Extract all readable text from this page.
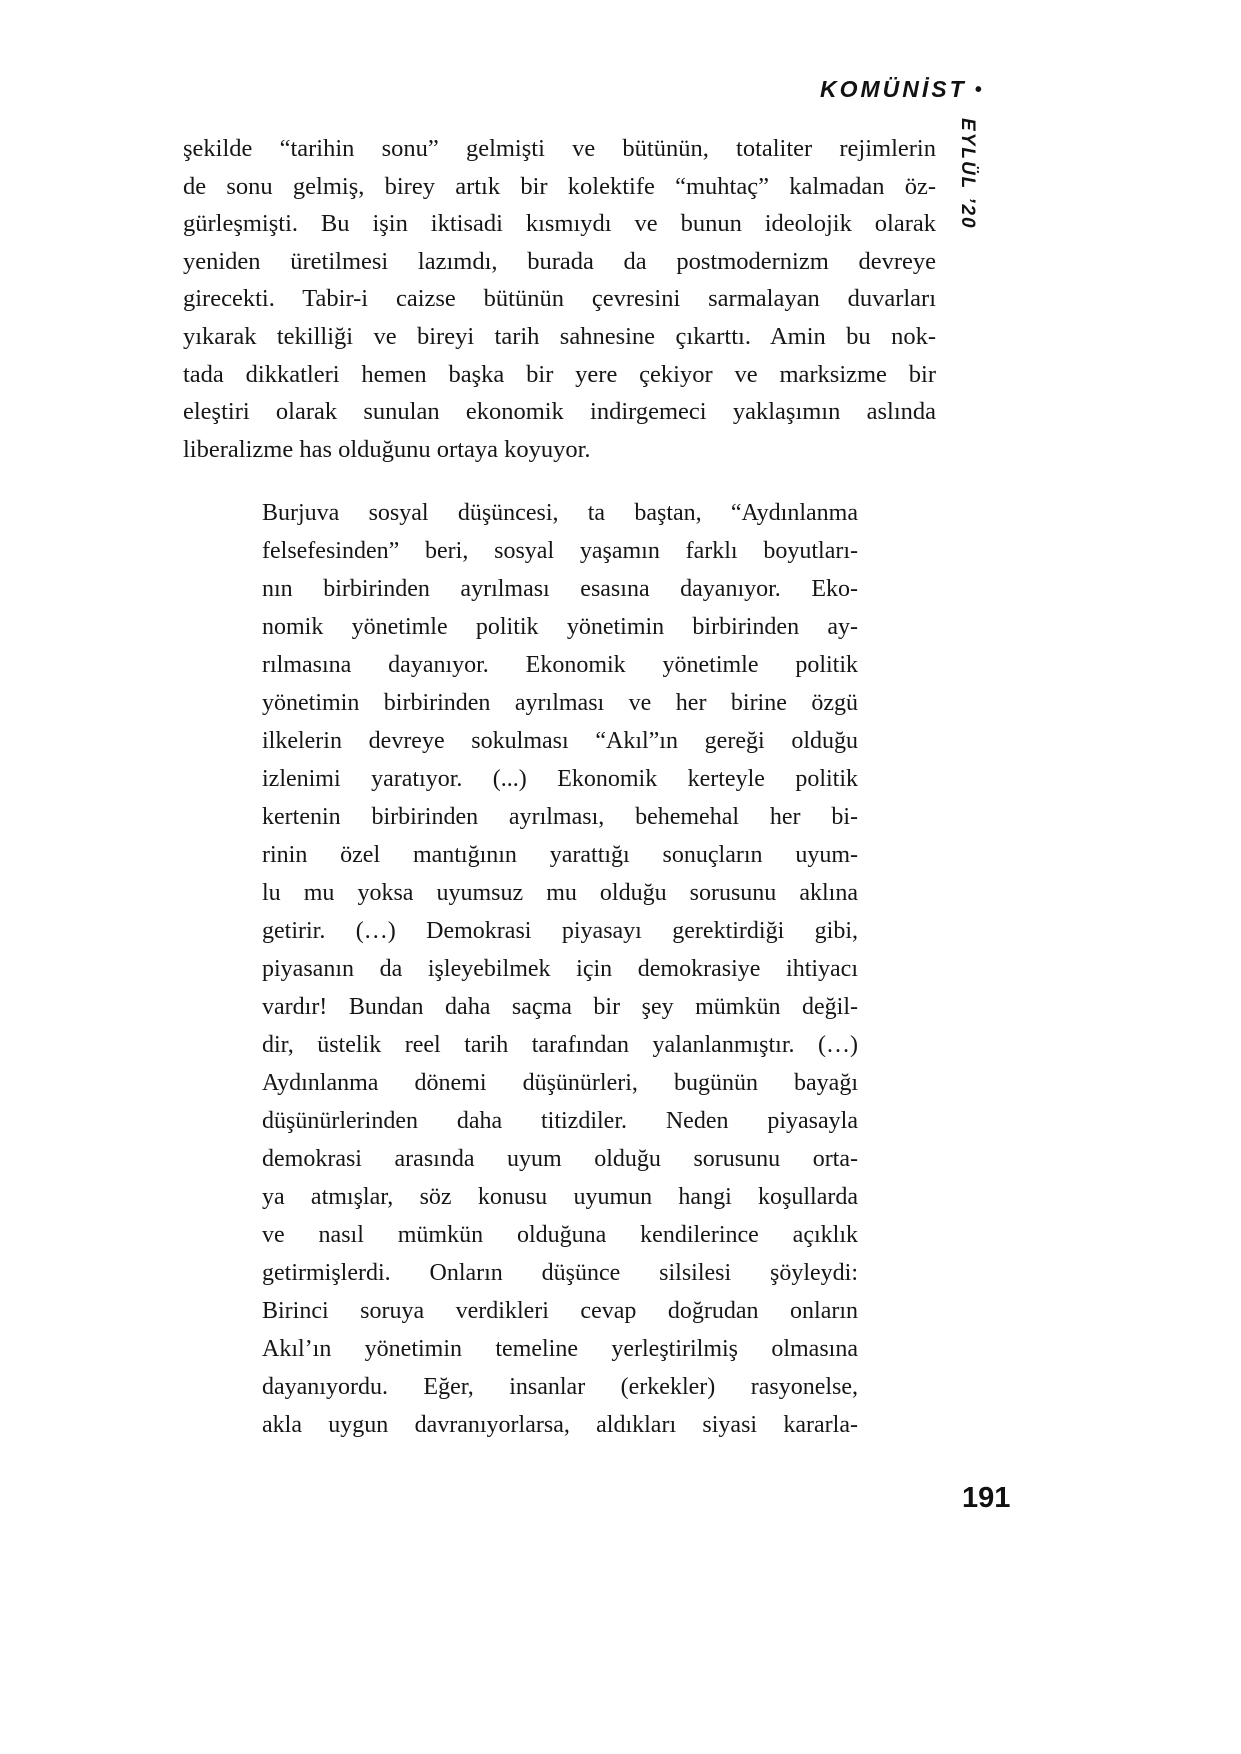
KOMÜNİST •
EYLÜL ’20
şekilde “tarihin sonu” gelmişti ve bütünün, totaliter rejimlerin
de sonu gelmiş, birey artık bir kolektife “muhtaç” kalmadan öz-
gürleşmişti. Bu işin iktisadi kısmıydı ve bunun ideolojik olarak
yeniden üretilmesi lazımdı, burada da postmodernizm devreye
girecekti. Tabir-i caizse bütünün çevresini sarmalayan duvarları
yıkarak tekilliği ve bireyi tarih sahnesine çıkarttı. Amin bu nok-
tada dikkatleri hemen başka bir yere çekiyor ve marksizme bir
eleştiri olarak sunulan ekonomik indirgemeci yaklaşımın aslında
liberalizme has olduğunu ortaya koyuyor.
Burjuva sosyal düşüncesi, ta baştan, “Aydınlanma
felsefesinden” beri, sosyal yaşamın farklı boyutları-
nın birbirinden ayrılması esasına dayanıyor. Eko-
nomik yönetimle politik yönetimin birbirinden ay-
rılmasına dayanıyor. Ekonomik yönetimle politik
yönetimin birbirinden ayrılması ve her birine özgü
ilkelerin devreye sokulması “Akıl”ın gereği olduğu
izlenimi yaratıyor. (...) Ekonomik kerteyle politik
kertenin birbirinden ayrılması, behemehal her bi-
rinin özel mantığının yarattığı sonuçların uyum-
lu mu yoksa uyumsuz mu olduğu sorusunu aklına
getirir. (…) Demokrasi piyasayı gerektirdiği gibi,
piyasanın da işleyebilmek için demokrasiye ihtiyacı
vardır! Bundan daha saçma bir şey mümkün değil-
dir, üstelik reel tarih tarafından yalanlanmıştır. (…)
Aydınlanma dönemi düşünürleri, bugünün bayağı
düşünürlerinden daha titizdiler. Neden piyasayla
demokrasi arasında uyum olduğu sorusunu orta-
ya atmışlar, söz konusu uyumun hangi koşullarda
ve nasıl mümkün olduğuna kendilerince açıklık
getirmişlerdi. Onların düşünce silsilesi şöyleydi:
Birinci soruya verdikleri cevap doğrudan onların
Akıl’ın yönetimin temeline yerleştirilmiş olmasına
dayanıyordu. Eğer, insanlar (erkekler) rasyonelse,
akla uygun davranıyorlarsa, aldıkları siyasi kararla-
191
